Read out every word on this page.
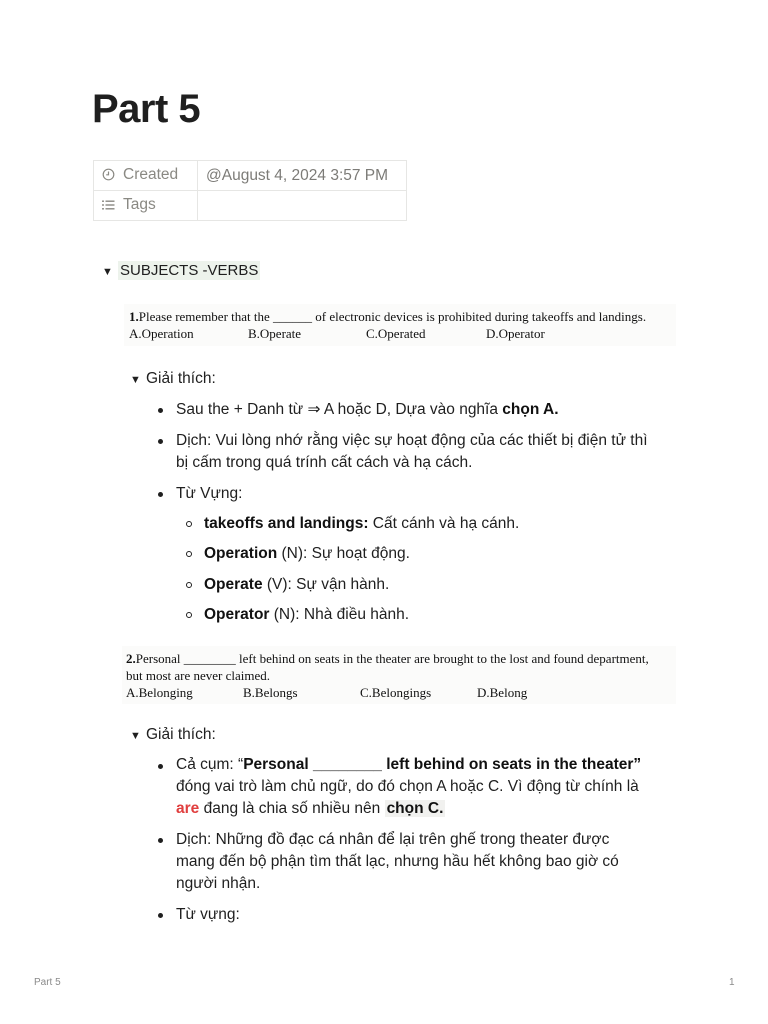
Part 5
Created	@August 4, 2024 3:57 PM
Tags	
▼ SUBJECTS -VERBS
1.Please remember that the ______ of electronic devices is prohibited during takeoffs and landings.
A.Operation	B.Operate	C.Operated	D.Operator
▼ Giải thích:
Sau the + Danh từ ⇒ A hoặc D, Dựa vào nghĩa chọn A.
Dịch: Vui lòng nhớ rằng việc sự hoạt động của các thiết bị điện tử thì
bị cấm trong quá trính cất cách và hạ cách.
Từ Vựng:
takeoffs and landings: Cất cánh và hạ cánh.
Operation (N): Sự hoạt động.
Operate (V): Sự vận hành.
Operator (N): Nhà điều hành.
2.Personal ________ left behind on seats in the theater are brought to the lost and found department,
but most are never claimed.
A.Belonging	B.Belongs	C.Belongings	D.Belong
▼ Giải thích:
Cả cụm: “Personal ________ left behind on seats in the theater”
đóng vai trò làm chủ ngữ, do đó chọn A hoặc C. Vì động từ chính là
are đang là chia số nhiều nên chọn C.
Dịch: Những đồ đạc cá nhân để lại trên ghế trong theater được
mang đến bộ phận tìm thất lạc, nhưng hầu hết không bao giờ có
người nhận.
Từ vựng:
Part 5	1
